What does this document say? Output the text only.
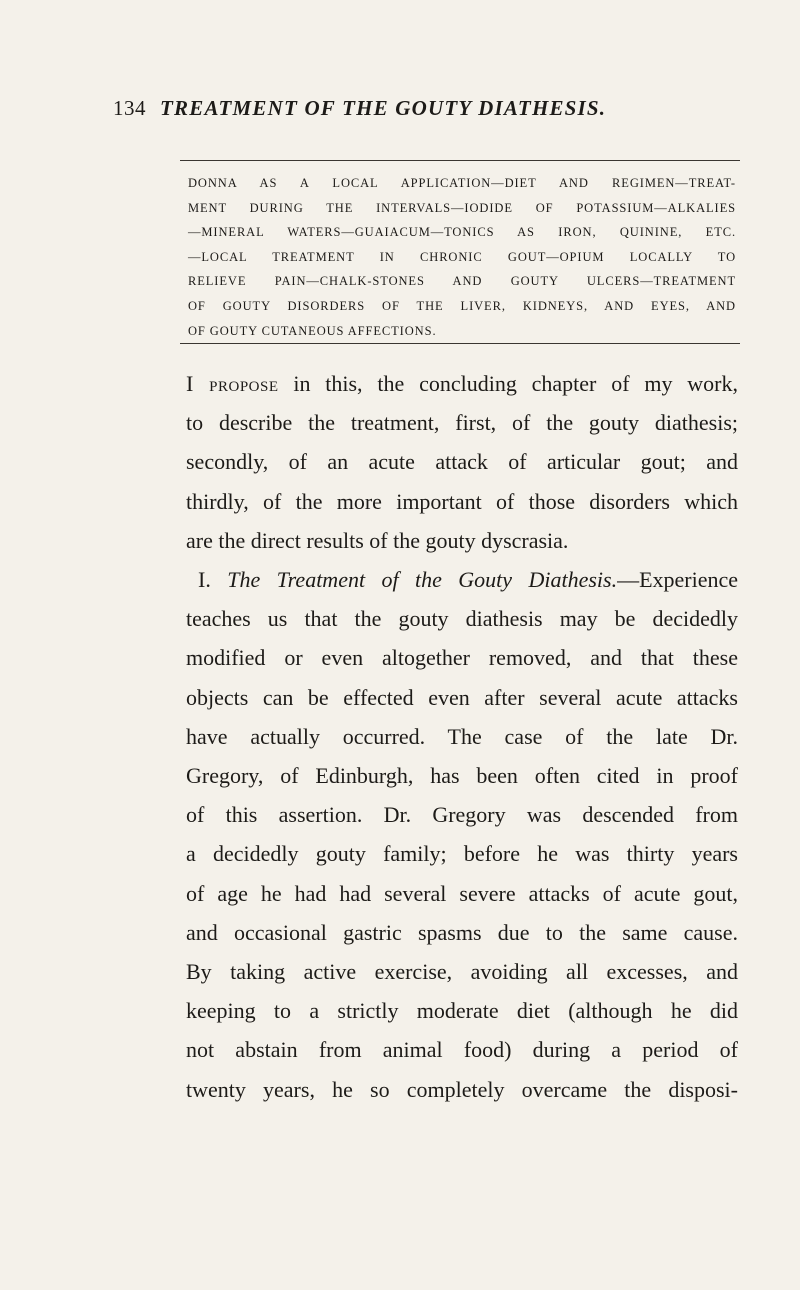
134 TREATMENT OF THE GOUTY DIATHESIS.
DONNA AS A LOCAL APPLICATION—DIET AND REGIMEN—TREAT-
MENT DURING THE INTERVALS—IODIDE OF POTASSIUM—ALKALIES
—MINERAL WATERS—GUAIACUM—TONICS AS IRON, QUININE, ETC.
—LOCAL TREATMENT IN CHRONIC GOUT—OPIUM LOCALLY TO
RELIEVE PAIN—CHALK-STONES AND GOUTY ULCERS—TREATMENT
OF GOUTY DISORDERS OF THE LIVER, KIDNEYS, AND EYES, AND
OF GOUTY CUTANEOUS AFFECTIONS.
I propose in this, the concluding chapter of my work,
to describe the treatment, first, of the gouty diathesis;
secondly, of an acute attack of articular gout; and
thirdly, of the more important of those disorders which
are the direct results of the gouty dyscrasia.
I. The Treatment of the Gouty Diathesis.—Experience
teaches us that the gouty diathesis may be decidedly
modified or even altogether removed, and that these
objects can be effected even after several acute attacks
have actually occurred. The case of the late Dr.
Gregory, of Edinburgh, has been often cited in proof
of this assertion. Dr. Gregory was descended from
a decidedly gouty family; before he was thirty years
of age he had had several severe attacks of acute gout,
and occasional gastric spasms due to the same cause.
By taking active exercise, avoiding all excesses, and
keeping to a strictly moderate diet (although he did
not abstain from animal food) during a period of
twenty years, he so completely overcame the disposi-
